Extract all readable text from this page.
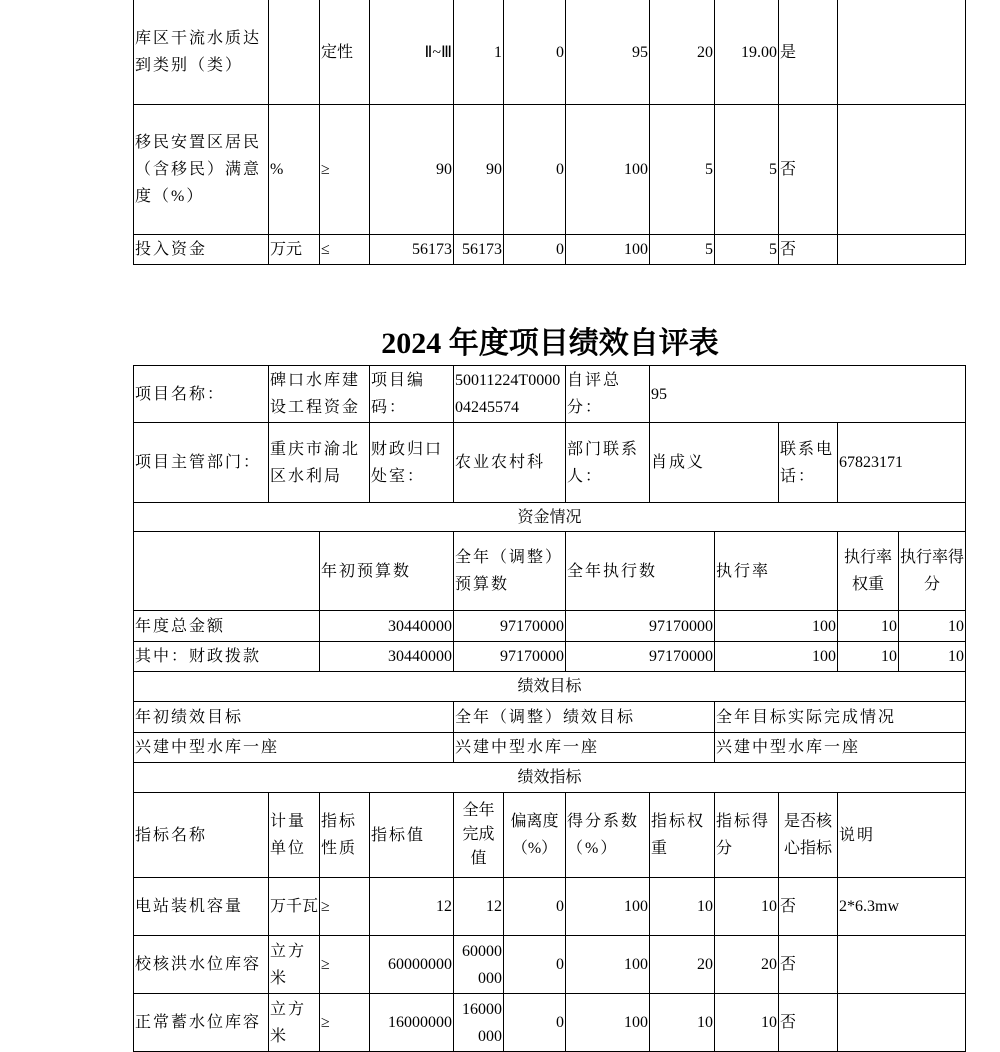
库区干流水质达到类别（类）		定性	Ⅱ~Ⅲ	1	0	95	20	19.00	是	
移民安置区居民（含移民）满意度（%）	%	≥	90	90	0	100	5	5	否	
投入资金	万元	≤	56173	56173	0	100	5	5	否	
2024 年度项目绩效自评表
项目名称：	碑口水库建设工程资金		项目编码：	50011224T000004245574		自评总分：	95				
项目主管部门：	重庆市渝北区水利局		财政归口处室：	农业农村科		部门联系人：	肖成义		联系电话：	67823171	
资金情况											
		年初预算数		全年（调整）预算数		全年执行数		执行率		执行率权重	执行率得分
年度总金额		30440000		97170000		97170000		100		10	10
其中：财政拨款		30440000		97170000		97170000		100		10	10
绩效目标											
年初绩效目标				全年（调整）绩效目标				全年目标实际完成情况			
兴建中型水库一座				兴建中型水库一座				兴建中型水库一座			
绩效指标											
指标名称	计量单位	指标性质	指标值	全年完成值	偏离度（%）	得分系数（%）	指标权重	指标得分	是否核心指标	说明	
电站装机容量	万千瓦	≥	12	12	0	100	10	10	否	2*6.3mw	
校核洪水位库容	立方米	≥	60000000	60000000	0	100	20	20	否		
正常蓄水位库容	立方米	≥	16000000	16000000	0	100	10	10	否		
